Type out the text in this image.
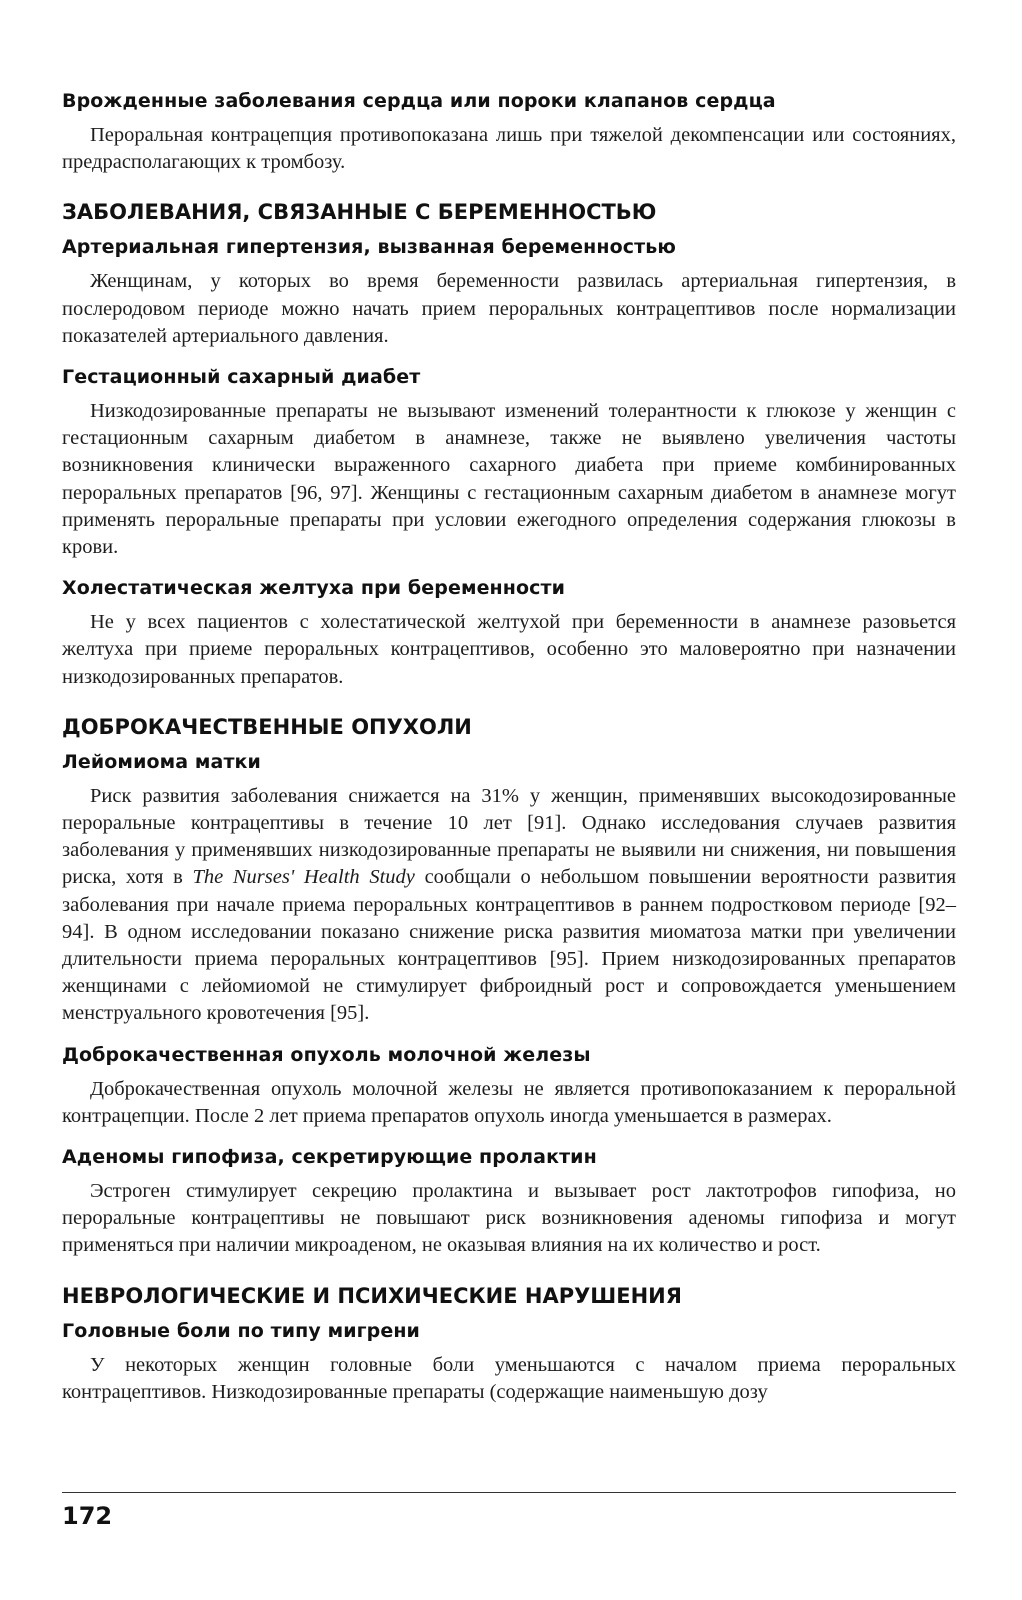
Врожденные заболевания сердца или пороки клапанов сердца

Пероральная контрацепция противопоказана лишь при тяжелой декомпенсации или состояниях, предрасполагающих к тромбозу.

ЗАБОЛЕВАНИЯ, СВЯЗАННЫЕ С БЕРЕМЕННОСТЬЮ
Артериальная гипертензия, вызванная беременностью

Женщинам, у которых во время беременности развилась артериальная гипертензия, в послеродовом периоде можно начать прием пероральных контрацептивов после нормализации показателей артериального давления.

Гестационный сахарный диабет

Низкодозированные препараты не вызывают изменений толерантности к глюкозе у женщин с гестационным сахарным диабетом в анамнезе, также не выявлено увеличения частоты возникновения клинически выраженного сахарного диабета при приеме комбинированных пероральных препаратов [96, 97]. Женщины с гестационным сахарным диабетом в анамнезе могут применять пероральные препараты при условии ежегодного определения содержания глюкозы в крови.

Холестатическая желтуха при беременности

Не у всех пациентов с холестатической желтухой при беременности в анамнезе разовьется желтуха при приеме пероральных контрацептивов, особенно это маловероятно при назначении низкодозированных препаратов.

ДОБРОКАЧЕСТВЕННЫЕ ОПУХОЛИ
Лейомиома матки

Риск развития заболевания снижается на 31% у женщин, применявших высокодозированные пероральные контрацептивы в течение 10 лет [91]. Однако исследования случаев развития заболевания у применявших низкодозированные препараты не выявили ни снижения, ни повышения риска, хотя в The Nurses' Health Study сообщали о небольшом повышении вероятности развития заболевания при начале приема пероральных контрацептивов в раннем подростковом периоде [92–94]. В одном исследовании показано снижение риска развития миоматоза матки при увеличении длительности приема пероральных контрацептивов [95]. Прием низкодозированных препаратов женщинами с лейомиомой не стимулирует фиброидный рост и сопровождается уменьшением менструального кровотечения [95].

Доброкачественная опухоль молочной железы

Доброкачественная опухоль молочной железы не является противопоказанием к пероральной контрацепции. После 2 лет приема препаратов опухоль иногда уменьшается в размерах.

Аденомы гипофиза, секретирующие пролактин

Эстроген стимулирует секрецию пролактина и вызывает рост лактотрофов гипофиза, но пероральные контрацептивы не повышают риск возникновения аденомы гипофиза и могут применяться при наличии микроаденом, не оказывая влияния на их количество и рост.

НЕВРОЛОГИЧЕСКИЕ И ПСИХИЧЕСКИЕ НАРУШЕНИЯ
Головные боли по типу мигрени

У некоторых женщин головные боли уменьшаются с началом приема пероральных контрацептивов. Низкодозированные препараты (содержащие наименьшую дозу

172
